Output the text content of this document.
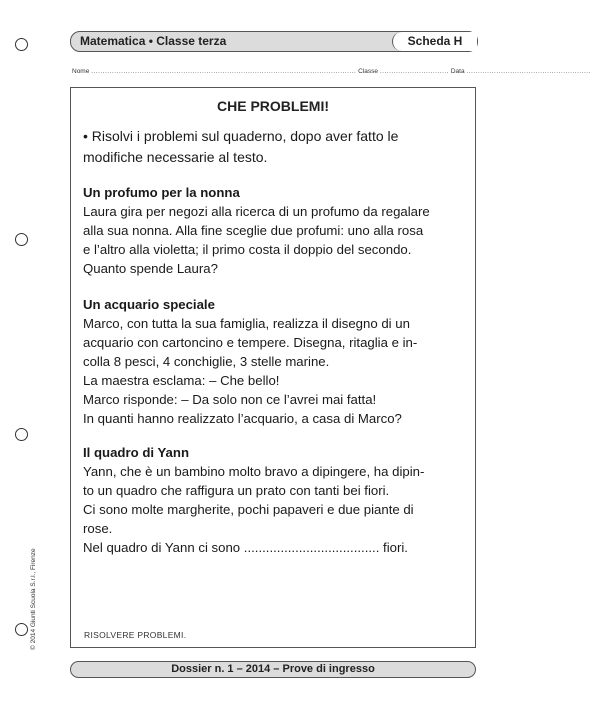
Matematica • Classe terza	Scheda H
Nome ................................................................................................................... Classe .............................. Data ......................................................
CHE PROBLEMI!

• Risolvi i problemi sul quaderno, dopo aver fatto le

modifiche necessarie al testo.

Un profumo per la nonna

Laura gira per negozi alla ricerca di un profumo da regalare

alla sua nonna. Alla fine sceglie due profumi: uno alla rosa

e l’altro alla violetta; il primo costa il doppio del secondo.

Quanto spende Laura?

Un acquario speciale

Marco, con tutta la sua famiglia, realizza il disegno di un

acquario con cartoncino e tempere. Disegna, ritaglia e in-

colla 8 pesci, 4 conchiglie, 3 stelle marine.

La maestra esclama: – Che bello!

Marco risponde: – Da solo non ce l’avrei mai fatta!

In quanti hanno realizzato l’acquario, a casa di Marco?

Il quadro di Yann

Yann, che è un bambino molto bravo a dipingere, ha dipin-

to un quadro che raffigura un prato con tanti bei fiori.

Ci sono molte margherite, pochi papaveri e due piante di

rose.

Nel quadro di Yann ci sono ..................................... fiori.

RISOLVERE PROBLEMI.
© 2014 Giunti Scuola S.r.l., Firenze
Dossier n. 1 – 2014 – Prove di ingresso
